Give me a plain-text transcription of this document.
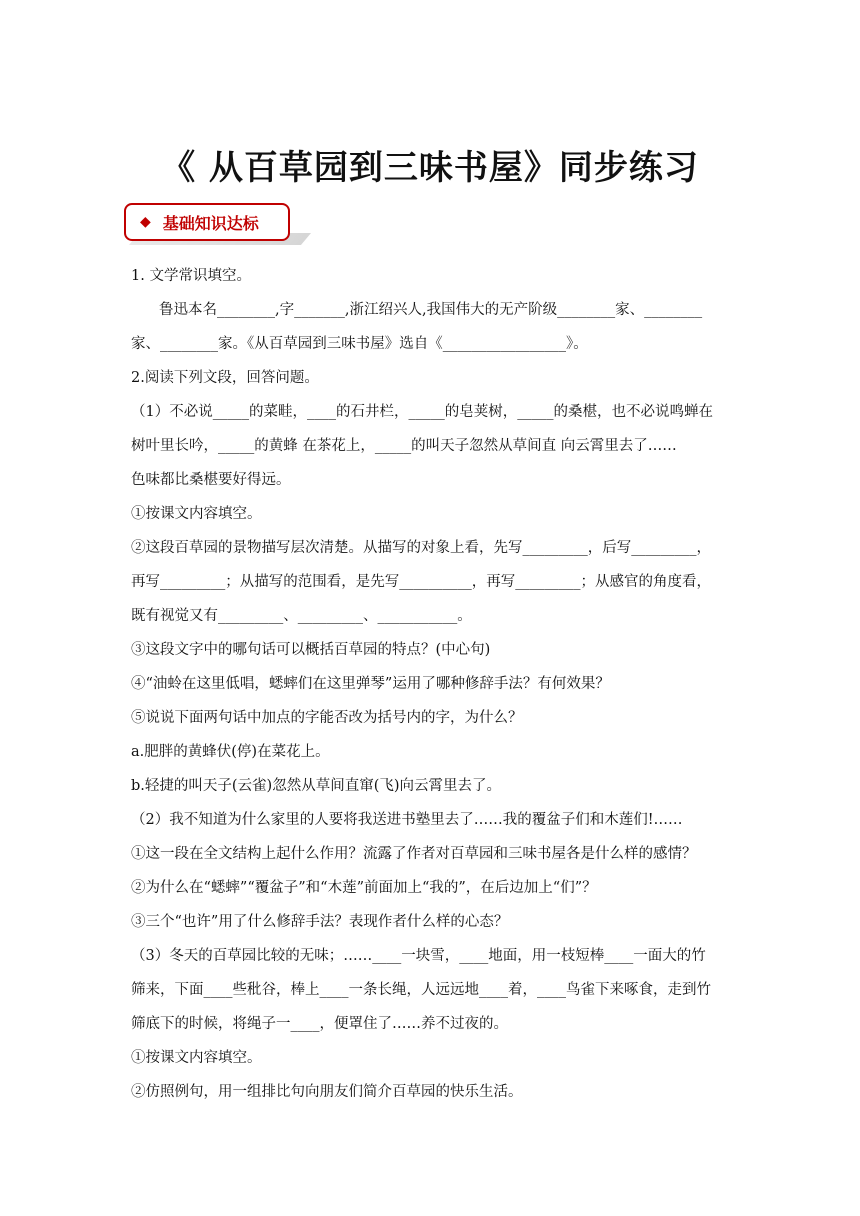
《 从百草园到三味书屋》同步练习
◆ 基础知识达标
1. 文学常识填空。
鲁迅本名________,字_______,浙江绍兴人,我国伟大的无产阶级________家、________
家、________家。《从百草园到三味书屋》选自《_________________》。
2.阅读下列文段，回答问题。
（1）不必说_____的菜畦，____的石井栏，_____的皂荚树，_____的桑椹，也不必说鸣蝉在
树叶里长吟，_____的黄蜂 在茶花上，_____的叫天子忽然从草间直 向云霄里去了……
色味都比桑椹要好得远。
①按课文内容填空。
②这段百草园的景物描写层次清楚。从描写的对象上看，先写_________，后写_________，
再写_________；从描写的范围看，是先写__________，再写_________；从感官的角度看，
既有视觉又有_________、_________、___________。
③这段文字中的哪句话可以概括百草园的特点？(中心句)
④“油蛉在这里低唱，蟋蟀们在这里弹琴”运用了哪种修辞手法？有何效果？
⑤说说下面两句话中加点的字能否改为括号内的字，为什么？
a.肥胖的黄蜂伏(停)在菜花上。
b.轻捷的叫天子(云雀)忽然从草间直窜(飞)向云霄里去了。
（2）我不知道为什么家里的人要将我送进书塾里去了……我的覆盆子们和木莲们!……
①这一段在全文结构上起什么作用？流露了作者对百草园和三味书屋各是什么样的感情？
②为什么在“蟋蟀”“覆盆子”和“木莲”前面加上“我的”，在后边加上“们”？
③三个“也许”用了什么修辞手法？表现作者什么样的心态？
（3）冬天的百草园比较的无味；……____一块雪，____地面，用一枝短棒____一面大的竹
筛来，下面____些秕谷，棒上____一条长绳，人远远地____着，____鸟雀下来啄食，走到竹
筛底下的时候，将绳子一____，便罩住了……养不过夜的。
①按课文内容填空。
②仿照例句，用一组排比句向朋友们简介百草园的快乐生活。
